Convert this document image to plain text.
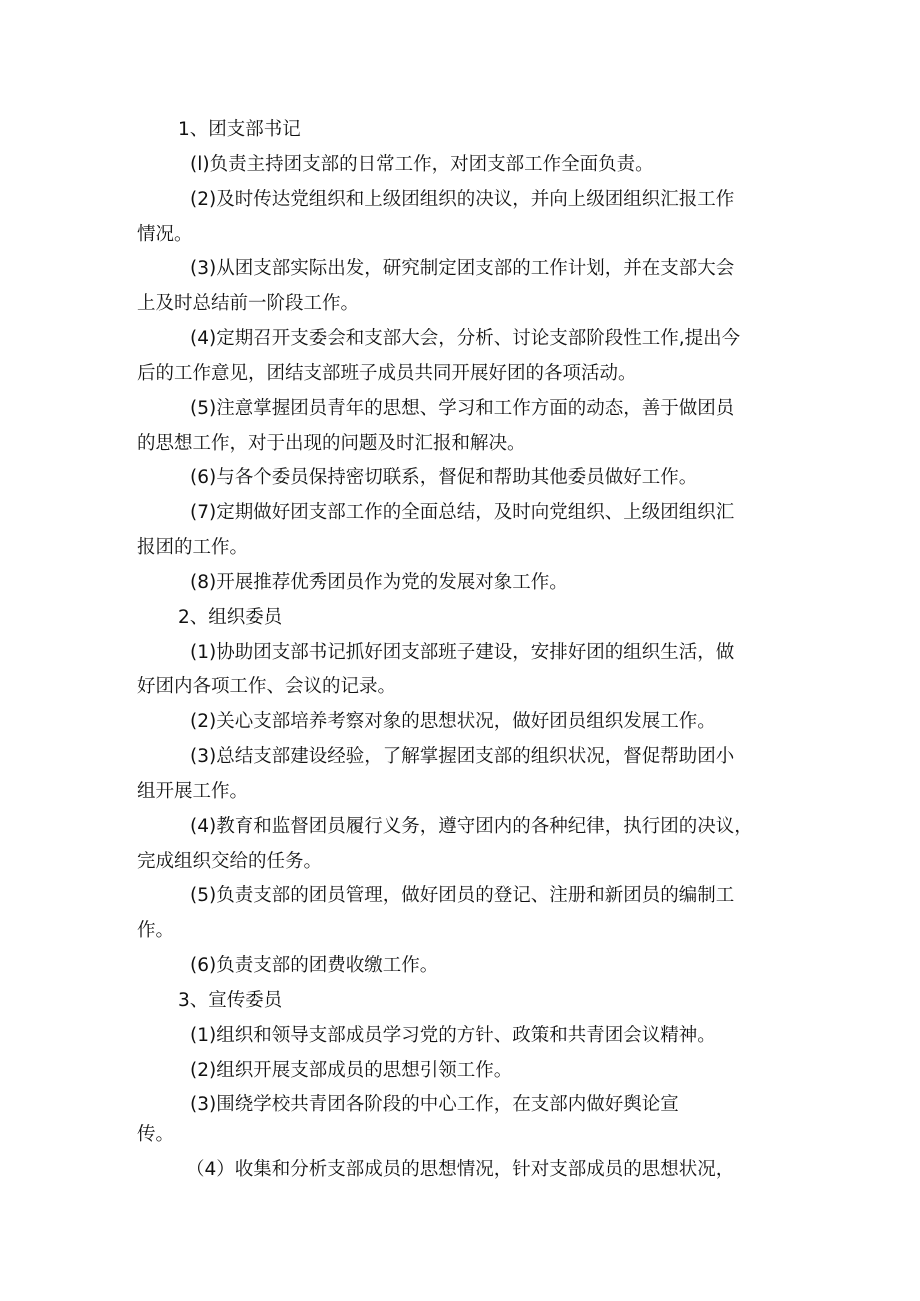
1、团支部书记
(l)负责主持团支部的日常工作，对团支部工作全面负责。
(2)及时传达党组织和上级团组织的决议，并向上级团组织汇报工作
情况。
(3)从团支部实际出发，研究制定团支部的工作计划，并在支部大会
上及时总结前一阶段工作。
(4)定期召开支委会和支部大会，分析、讨论支部阶段性工作,提出今
后的工作意见，团结支部班子成员共同开展好团的各项活动。
(5)注意掌握团员青年的思想、学习和工作方面的动态，善于做团员
的思想工作，对于出现的问题及时汇报和解决。
(6)与各个委员保持密切联系，督促和帮助其他委员做好工作。
(7)定期做好团支部工作的全面总结，及时向党组织、上级团组织汇
报团的工作。
(8)开展推荐优秀团员作为党的发展对象工作。
2、组织委员
(1)协助团支部书记抓好团支部班子建设，安排好团的组织生活，做
好团内各项工作、会议的记录。
(2)关心支部培养考察对象的思想状况，做好团员组织发展工作。
(3)总结支部建设经验，了解掌握团支部的组织状况，督促帮助团小
组开展工作。
(4)教育和监督团员履行义务，遵守团内的各种纪律，执行团的决议，
完成组织交给的任务。
(5)负责支部的团员管理，做好团员的登记、注册和新团员的编制工
作。
(6)负责支部的团费收缴工作。
3、宣传委员
(1)组织和领导支部成员学习党的方针、政策和共青团会议精神。
(2)组织开展支部成员的思想引领工作。
(3)围绕学校共青团各阶段的中心工作，在支部内做好舆论宣
传。
（4）收集和分析支部成员的思想情况，针对支部成员的思想状况，
